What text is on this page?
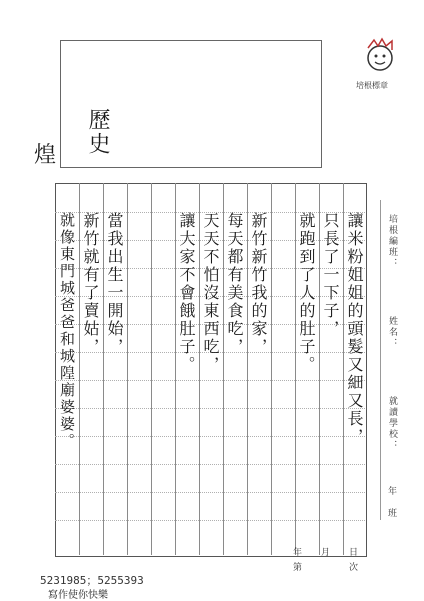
歷史
煌
培根標章
讓米粉姐姐的頭髮又細又長，
只長了一下子，
就跑到了人的肚子。
新竹新竹我的家，
每天都有美食吃，
天天不怕沒東西吃，
讓大家不會餓肚子。
當我出生一開始，
新竹就有了賣姑，
就像東門城爸爸和城隍廟婆婆。	培根編班：
姓名：
就讀學校：
年
班
5231985；5255393
寫作使你快樂
年 月 日
第	次
